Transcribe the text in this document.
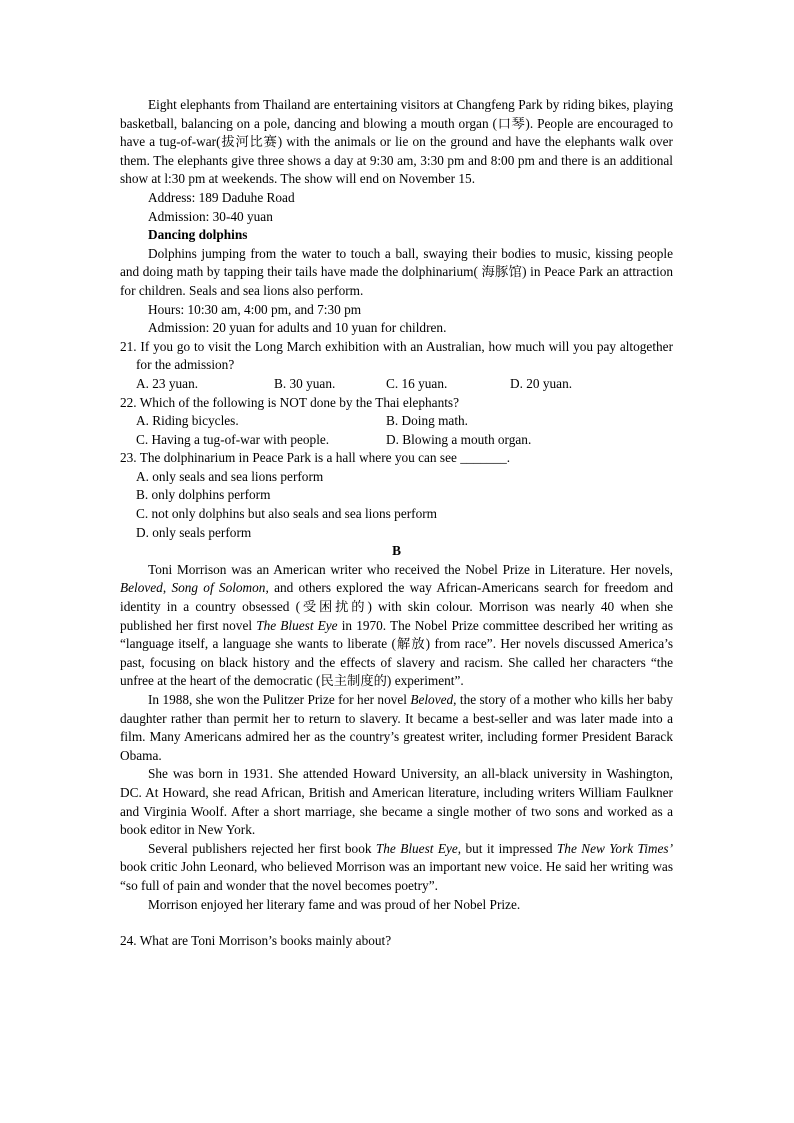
Eight elephants from Thailand are entertaining visitors at Changfeng Park by riding bikes, playing basketball, balancing on a pole, dancing and blowing a mouth organ (口琴). People are encouraged to have a tug-of-war(拔河比赛) with the animals or lie on the ground and have the elephants walk over them. The elephants give three shows a day at 9:30 am, 3:30 pm and 8:00 pm and there is an additional show at l:30 pm at weekends. The show will end on November 15.

Address: 189 Daduhe Road

Admission: 30-40 yuan

Dancing dolphins

Dolphins jumping from the water to touch a ball, swaying their bodies to music, kissing people and doing math by tapping their tails have made the dolphinarium( 海豚馆) in Peace Park an attraction for children. Seals and sea lions also perform.

Hours: 10:30 am, 4:00 pm, and 7:30 pm

Admission: 20 yuan for adults and 10 yuan for children.

21. If you go to visit the Long March exhibition with an Australian, how much will you pay altogether for the admission?

A. 23 yuan.	B. 30 yuan.	C. 16 yuan.	D. 20 yuan.

22. Which of the following is NOT done by the Thai elephants?

A. Riding bicycles.	B. Doing math.
C. Having a tug-of-war with people.	D. Blowing a mouth organ.

23. The dolphinarium in Peace Park is a hall where you can see _______.

A. only seals and sea lions perform

B. only dolphins perform

C. not only dolphins but also seals and sea lions perform

D. only seals perform

B

Toni Morrison was an American writer who received the Nobel Prize in Literature. Her novels, Beloved, Song of Solomon, and others explored the way African-Americans search for freedom and identity in a country obsessed (受困扰的) with skin colour. Morrison was nearly 40 when she published her first novel The Bluest Eye in 1970. The Nobel Prize committee described her writing as “language itself, a language she wants to liberate (解放) from race”. Her novels discussed America’s past, focusing on black history and the effects of slavery and racism. She called her characters “the unfree at the heart of the democratic (民主制度的) experiment”.

In 1988, she won the Pulitzer Prize for her novel Beloved, the story of a mother who kills her baby daughter rather than permit her to return to slavery. It became a best-seller and was later made into a film. Many Americans admired her as the country’s greatest writer, including former President Barack Obama.

She was born in 1931. She attended Howard University, an all-black university in Washington, DC. At Howard, she read African, British and American literature, including writers William Faulkner and Virginia Woolf. After a short marriage, she became a single mother of two sons and worked as a book editor in New York.

Several publishers rejected her first book The Bluest Eye, but it impressed The New York Times’ book critic John Leonard, who believed Morrison was an important new voice. He said her writing was “so full of pain and wonder that the novel becomes poetry”.

Morrison enjoyed her literary fame and was proud of her Nobel Prize.

24. What are Toni Morrison’s books mainly about?
